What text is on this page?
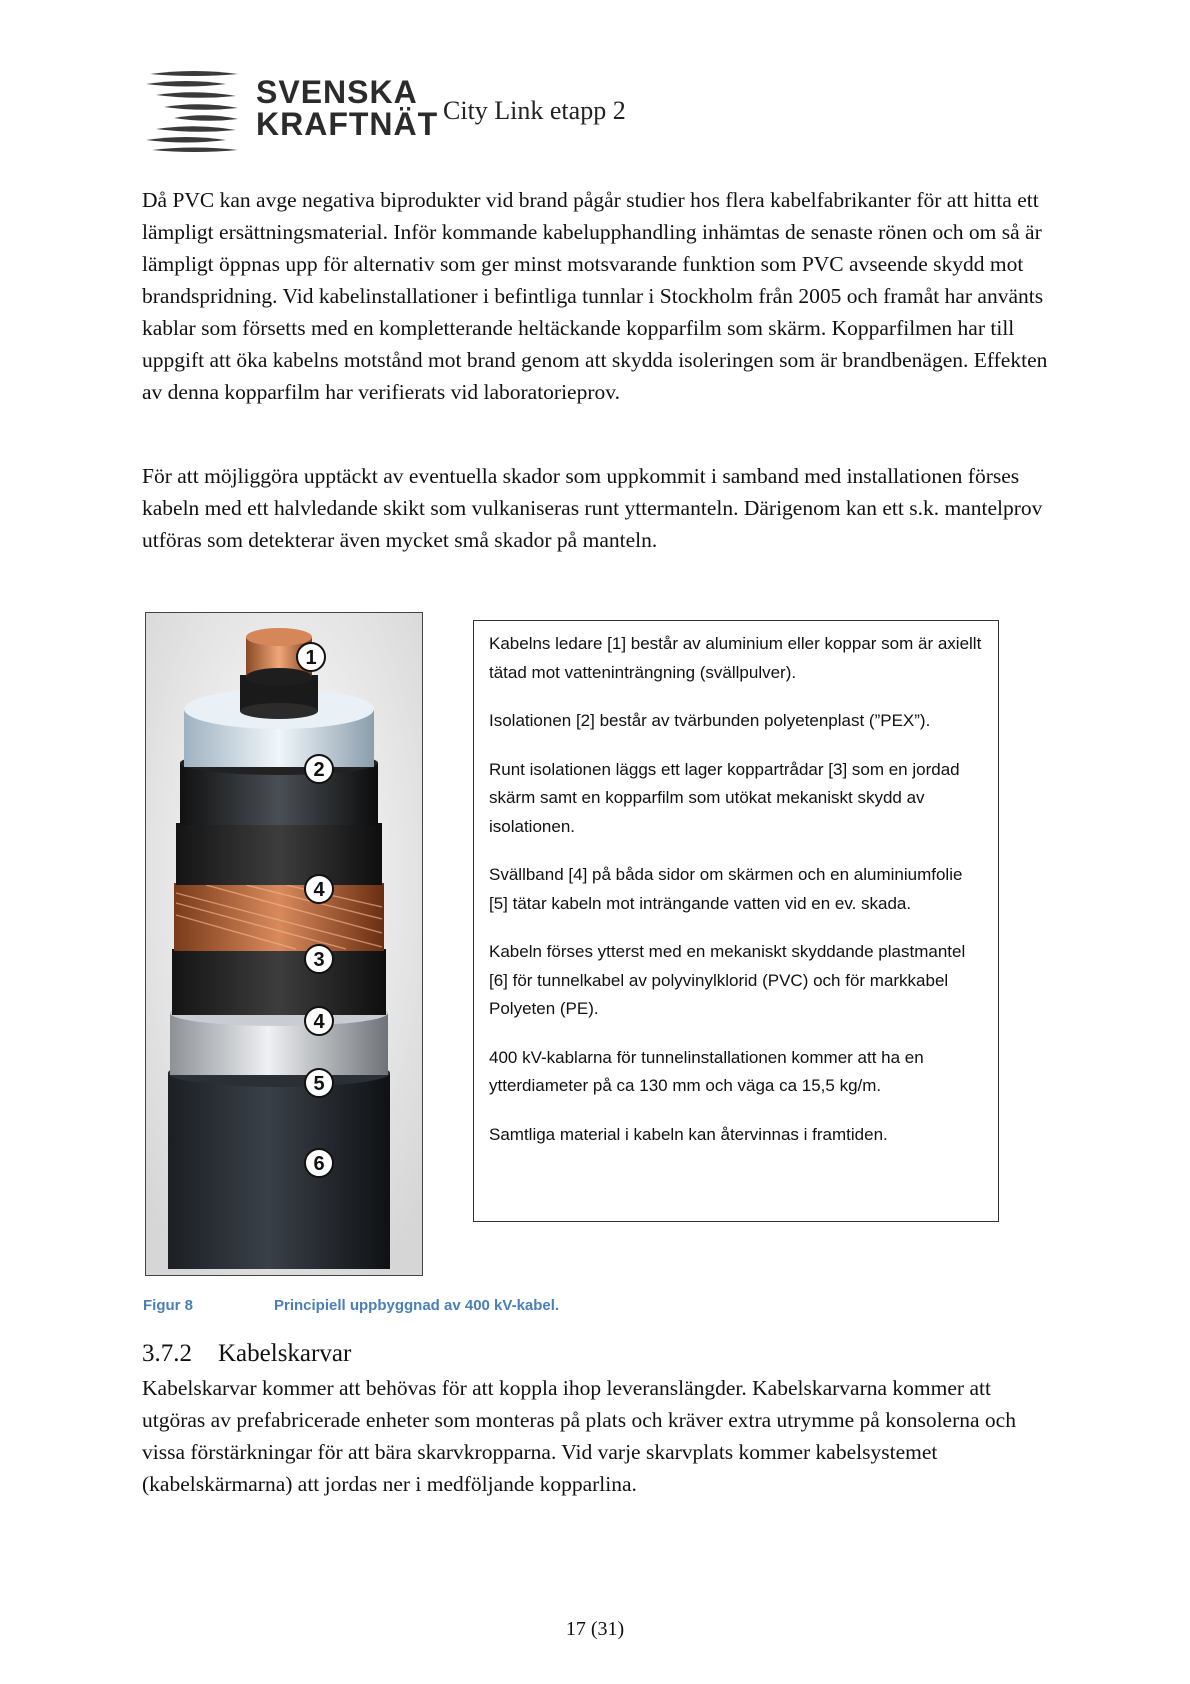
SVENSKA
KRAFTNÄT City Link etapp 2
Då PVC kan avge negativa biprodukter vid brand pågår studier hos flera kabelfabrikanter för att hitta ett lämpligt ersättningsmaterial. Inför kommande kabelupphandling inhämtas de senaste rönen och om så är lämpligt öppnas upp för alternativ som ger minst motsvarande funktion som PVC avseende skydd mot brandspridning. Vid kabelinstallationer i befintliga tunnlar i Stockholm från 2005 och framåt har använts kablar som försetts med en kompletterande heltäckande kopparfilm som skärm. Kopparfilmen har till uppgift att öka kabelns motstånd mot brand genom att skydda isoleringen som är brandbenägen. Effekten av denna kopparfilm har verifierats vid laboratorieprov.
För att möjliggöra upptäckt av eventuella skador som uppkommit i samband med installationen förses kabeln med ett halvledande skikt som vulkaniseras runt yttermanteln. Därigenom kan ett s.k. mantelprov utföras som detekterar även mycket små skador på manteln.
1
2
4
3
4
5
6

Kabelns ledare [1] består av aluminium eller koppar som är axiellt tätad mot vatteninträngning (svällpulver).

Isolationen [2] består av tvärbunden polyetenplast (”PEX”).

Runt isolationen läggs ett lager koppartrådar [3] som en jordad skärm samt en kopparfilm som utökat mekaniskt skydd av isolationen.

Svällband [4] på båda sidor om skärmen och en aluminiumfolie [5] tätar kabeln mot inträngande vatten vid en ev. skada.

Kabeln förses ytterst med en mekaniskt skyddande plastmantel [6] för tunnelkabel av polyvinylklorid (PVC) och för markkabel Polyeten (PE).

400 kV-kablarna för tunnelinstallationen kommer att ha en ytterdiameter på ca 130 mm och väga ca 15,5 kg/m.

Samtliga material i kabeln kan återvinnas i framtiden.

Figur 8	Principiell uppbyggnad av 400 kV-kabel.
3.7.2 Kabelskarvar
Kabelskarvar kommer att behövas för att koppla ihop leveranslängder. Kabelskarvarna kommer att utgöras av prefabricerade enheter som monteras på plats och kräver extra utrymme på konsolerna och vissa förstärkningar för att bära skarvkropparna. Vid varje skarvplats kommer kabelsystemet (kabelskärmarna) att jordas ner i medföljande kopparlina.
17 (31)
